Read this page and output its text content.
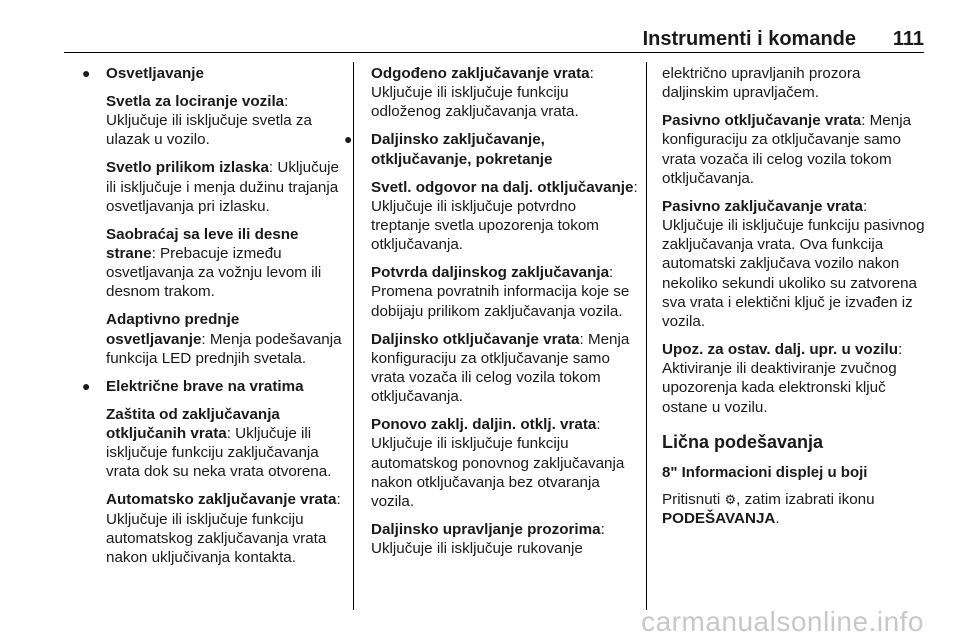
Instrumenti i komande 111
● Osvetljavanje

Svetla za lociranje vozila: Uključuje ili isključuje svetla za ulazak u vozilo.

Svetlo prilikom izlaska: Uključuje ili isključuje i menja dužinu trajanja osvetljavanja pri izlasku.

Saobraćaj sa leve ili desne strane: Prebacuje između osvetljavanja za vožnju levom ili desnom trakom.

Adaptivno prednje osvetljavanje: Menja podešavanja funkcija LED prednjih svetala.

● Električne brave na vratima

Zaštita od zaključavanja otključanih vrata: Uključuje ili isključuje funkciju zaključavanja vrata dok su neka vrata otvorena.

Automatsko zaključavanje vrata: Uključuje ili isključuje funkciju automatskog zaključavanja vrata nakon uključivanja kontakta.

Odgođeno zaključavanje vrata: Uključuje ili isključuje funkciju odloženog zaključavanja vrata.

● Daljinsko zaključavanje, otključavanje, pokretanje

Svetl. odgovor na dalj. otključavanje: Uključuje ili isključuje potvrdno treptanje svetla upozorenja tokom otključavanja.

Potvrda daljinskog zaključavanja: Promena povratnih informacija koje se dobijaju prilikom zaključavanja vozila.

Daljinsko otključavanje vrata: Menja konfiguraciju za otključavanje samo vrata vozača ili celog vozila tokom otključavanja.

Ponovo zaklj. daljin. otklj. vrata: Uključuje ili isključuje funkciju automatskog ponovnog zaključavanja nakon otključavanja bez otvaranja vozila.

Daljinsko upravljanje prozorima: Uključuje ili isključuje rukovanje

električno upravljanih prozora daljinskim upravljačem.

Pasivno otključavanje vrata: Menja konfiguraciju za otključavanje samo vrata vozača ili celog vozila tokom otključavanja.

Pasivno zaključavanje vrata: Uključuje ili isključuje funkciju pasivnog zaključavanja vrata. Ova funkcija automatski zaključava vozilo nakon nekoliko sekundi ukoliko su zatvorena sva vrata i elektični ključ je izvađen iz vozila.

Upoz. za ostav. dalj. upr. u vozilu: Aktiviranje ili deaktiviranje zvučnog upozorenja kada elektronski ključ ostane u vozilu.

Lična podešavanja
8" Informacioni displej u boji

Pritisnuti ⚙, zatim izabrati ikonu PODEŠAVANJA.

carmanualsonline.info
